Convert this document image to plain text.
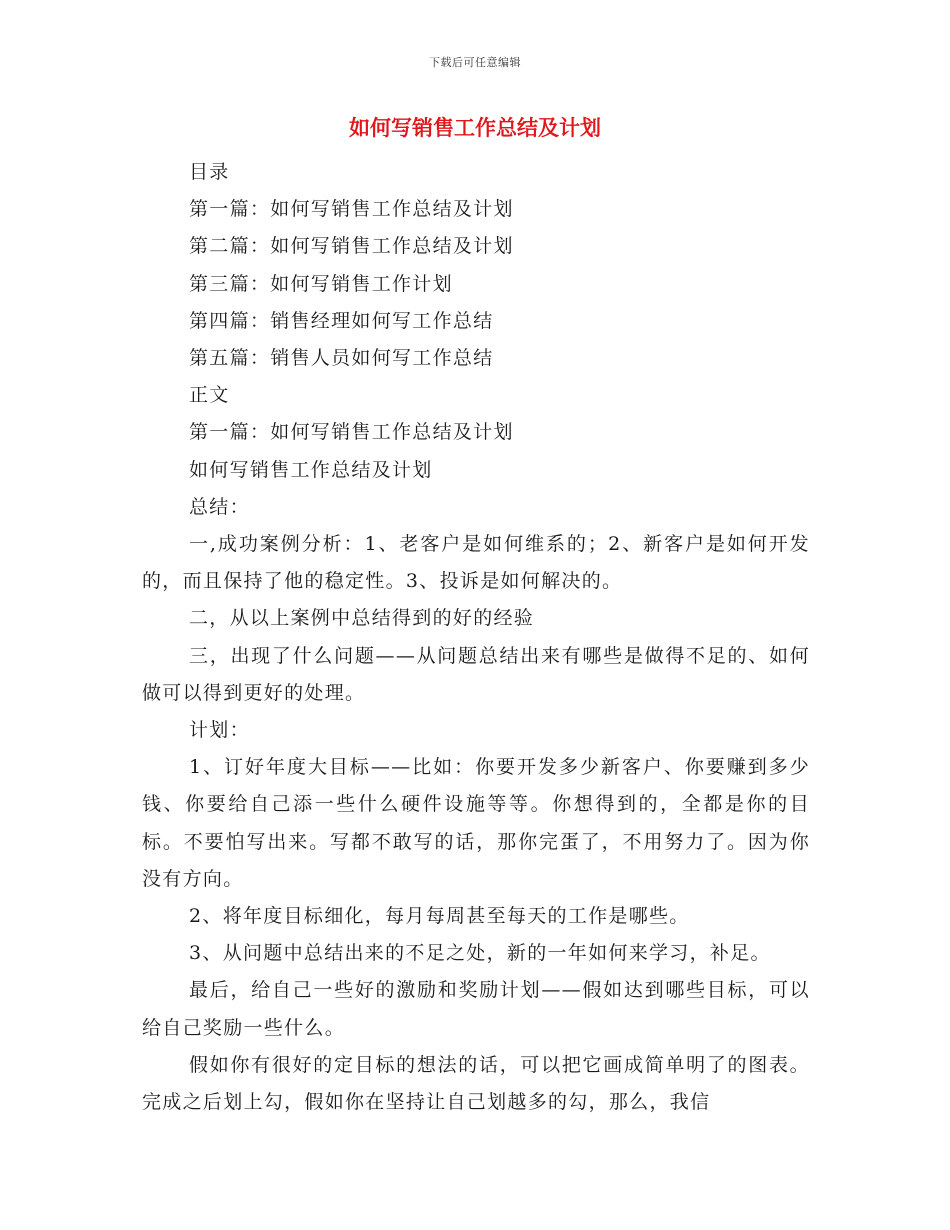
下载后可任意编辑
如何写销售工作总结及计划

目录

第一篇：如何写销售工作总结及计划

第二篇：如何写销售工作总结及计划

第三篇：如何写销售工作计划

第四篇：销售经理如何写工作总结

第五篇：销售人员如何写工作总结

正文

第一篇：如何写销售工作总结及计划

如何写销售工作总结及计划

总结：

一,成功案例分析：1、老客户是如何维系的；2、新客户是如何开发的，而且保持了他的稳定性。3、投诉是如何解决的。

二，从以上案例中总结得到的好的经验

三，出现了什么问题——从问题总结出来有哪些是做得不足的、如何做可以得到更好的处理。

计划：

1、订好年度大目标——比如：你要开发多少新客户、你要赚到多少钱、你要给自己添一些什么硬件设施等等。你想得到的，全都是你的目标。不要怕写出来。写都不敢写的话，那你完蛋了，不用努力了。因为你没有方向。

2、将年度目标细化，每月每周甚至每天的工作是哪些。

3、从问题中总结出来的不足之处，新的一年如何来学习，补足。

最后，给自己一些好的激励和奖励计划——假如达到哪些目标，可以给自己奖励一些什么。

假如你有很好的定目标的想法的话，可以把它画成简单明了的图表。完成之后划上勾，假如你在坚持让自己划越多的勾，那么，我信
